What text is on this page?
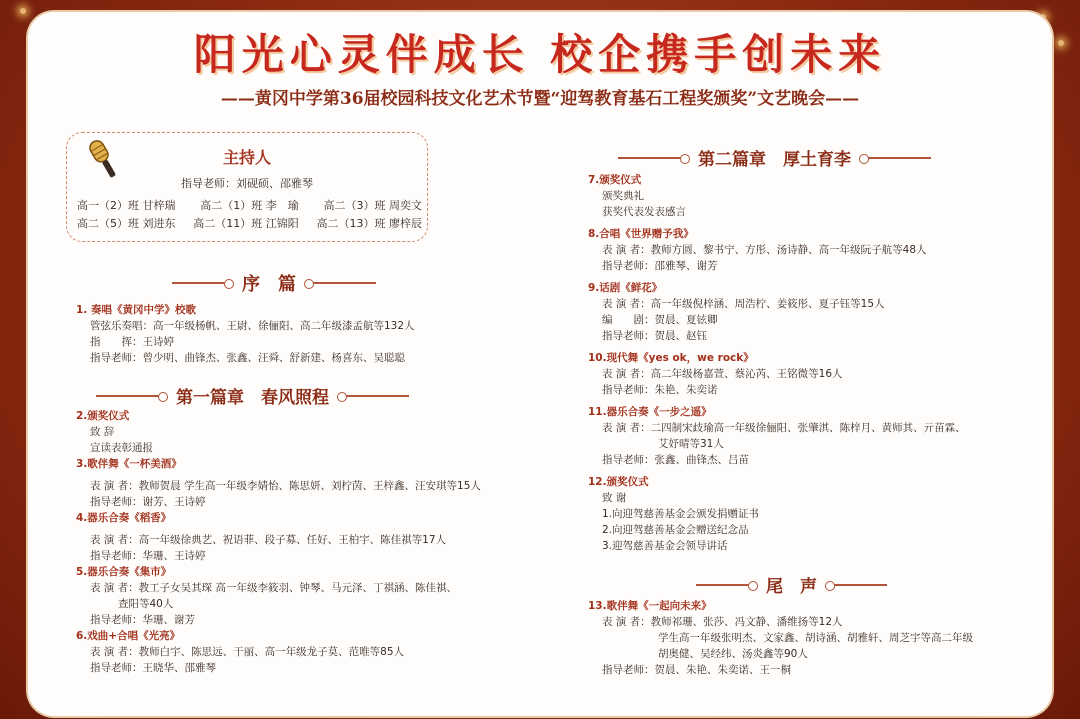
阳光心灵伴成长 校企携手创未来
——黄冈中学第36届校园科技文化艺术节暨“迎驾教育基石工程奖颁奖”文艺晚会——
主持人
指导老师：刘砚硕、邵雅琴
高一（2）班 甘梓瑞 高二（1）班 李　瑜 高二（3）班 周奕文
高二（5）班 刘进东 高二（11）班 江锦阳 高二（13）班 廖梓辰
序　篇
第一篇章　春风照程
第二篇章　厚土育李
尾　声
1. 奏唱《黄冈中学》校歌
管弦乐奏唱：高一年级杨帆、王尉、徐俪阳、高二年级漆孟航等132人
指　　挥：王诗婷
指导老师：曾少明、曲锋杰、张鑫、汪舜、舒新建、杨喜东、吴聪聪
2.颁奖仪式
致 辞
宣读表彰通报
3.歌伴舞《一杯美酒》
表 演 者：教师贺晨 学生高一年级李婧怡、陈思妍、刘柠茵、王梓鑫、汪安琪等15人
指导老师：谢芳、王诗婷
4.器乐合奏《稻香》
表 演 者：高一年级徐典艺、祝语菲、段子募、任好、王柏宇、陈佳祺等17人
指导老师：华珊、王诗婷
5.器乐合奏《集市》
表 演 者：教工子女吴其琛 高一年级李筱羽、钟琴、马元泽、丁祺涵、陈佳祺、
查阳等40人
指导老师：华珊、谢芳
6.戏曲+合唱《光亮》
表 演 者：教师白宇、陈思远、干丽、高一年级龙子莫、范唯等85人
指导老师：王晓华、邵雅琴
7.颁奖仪式
颁奖典礼
获奖代表发表感言
8.合唱《世界赠予我》
表 演 者：教师方圆、黎书宁、方彤、汤诗静、高一年级阮子航等48人
指导老师：邵雅琴、谢芳
9.话剧《鲜花》
表 演 者：高一年级倪梓涵、周浩柠、姜筱彤、夏子钰等15人
编　　剧：贺晨、夏铉卿
指导老师：贺晨、赵钰
10.现代舞《yes ok，we rock》
表 演 者：高二年级杨嘉萱、蔡沁芮、王铭微等16人
指导老师：朱艳、朱奕诺
11.器乐合奏《一步之遥》
表 演 者：二四制宋歧瑜高一年级徐俪阳、张肇淇、陈梓月、黄师其、亓苗霖、
艾妤晴等31人
指导老师：张鑫、曲锋杰、吕苗
12.颁奖仪式
致 谢
1.向迎驾慈善基金会颁发捐赠证书
2.向迎驾慈善基金会赠送纪念品
3.迎驾慈善基金会领导讲话
13.歌伴舞《一起向未来》
表 演 者：教师祁珊、张莎、冯文静、潘维扬等12人
学生高一年级张明杰、文家鑫、胡诗涵、胡雅轩、周芝宇等高二年级
胡奥健、吴经纬、汤炎鑫等90人
指导老师：贺晨、朱艳、朱奕诺、王一桐
